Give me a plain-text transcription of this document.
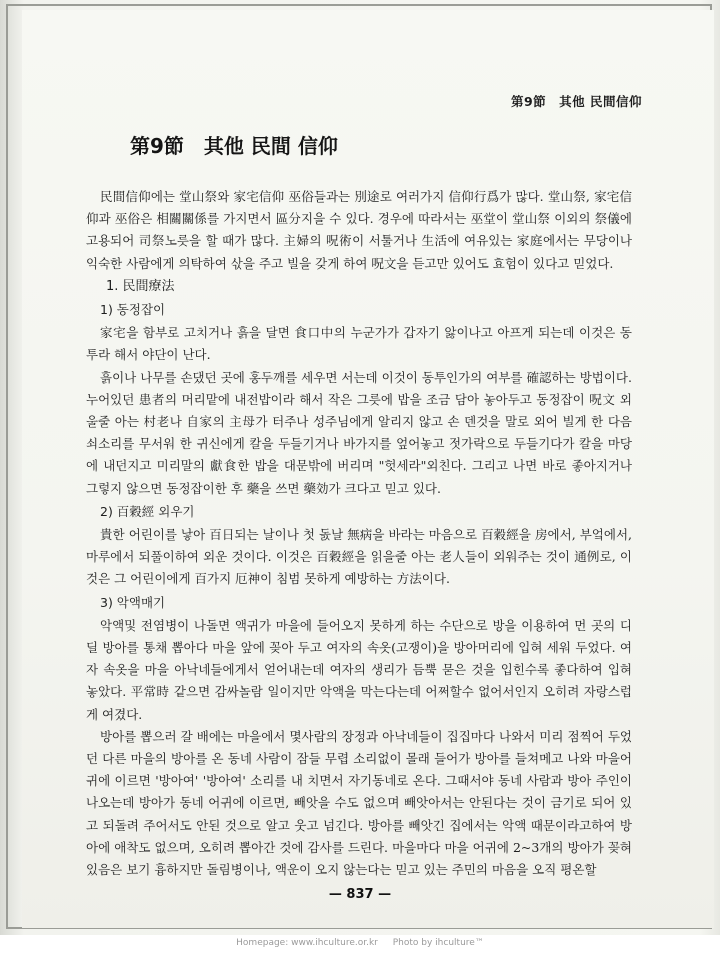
第9節　其他 民間信仰
第9節　其他 民間 信仰

民間信仰에는 堂山祭와 家宅信仰 巫俗들과는 別途로 여러가지 信仰行爲가 많다. 堂山祭, 家宅信仰과 巫俗은 相關關係를 가지면서 區分지을 수 있다. 경우에 따라서는 巫堂이 堂山祭 이외의 祭儀에 고용되어 司祭노릇을 할 때가 많다. 主婦의 呪術이 서툴거나 生活에 여유있는 家庭에서는 무당이나 익숙한 사람에게 의탁하여 삯을 주고 빌을 갖게 하여 呪文을 듣고만 있어도 효험이 있다고 믿었다.

1. 民間療法
1) 동정잡이

家宅을 함부로 고치거나 흙을 달면 食口中의 누군가가 갑자기 앓이나고 아프게 되는데 이것은 동투라 해서 야단이 난다.

흙이나 나무를 손댔던 곳에 홍두깨를 세우면 서는데 이것이 동투인가의 여부를 確認하는 방법이다. 누어있던 患者의 머리맡에 내전밥이라 해서 작은 그릇에 밥을 조금 담아 놓아두고 동정잡이 呪文 외울줄 아는 村老나 自家의 主母가 터주나 성주님에게 알리지 않고 손 덴것을 말로 외어 빌게 한 다음 쇠소리를 무서워 한 귀신에게 칼을 두들기거나 바가지를 엎어놓고 젓가락으로 두들기다가 칼을 마당에 내던지고 미리말의 獻食한 밥을 대문밖에 버리며 "헛세라"외친다. 그리고 나면 바로 좋아지거나 그렇지 않으면 동정잡이한 후 藥을 쓰면 藥効가 크다고 믿고 있다.

2) 百穀經 외우기

貴한 어린이를 낳아 百日되는 날이나 첫 돐날 無病을 바라는 마음으로 百穀經을 房에서, 부엌에서, 마루에서 되풀이하여 외운 것이다. 이것은 百穀經을 읽을줄 아는 老人들이 외워주는 것이 通例로, 이것은 그 어린이에게 百가지 厄神이 침범 못하게 예방하는 方法이다.

3) 악액매기

악액및 전염병이 나돌면 액귀가 마을에 들어오지 못하게 하는 수단으로 방을 이용하여 먼 곳의 디딜 방아를 통채 뽑아다 마을 앞에 꽂아 두고 여자의 속옷(고쟁이)을 방아머리에 입혀 세워 두었다. 여자 속옷을 마을 아낙네들에게서 얻어내는데 여자의 생리가 듬뿍 묻은 것을 입힌수록 좋다하여 입혀 놓았다. 平常時 같으면 감싸놀람 일이지만 악액을 막는다는데 어쩌할수 없어서인지 오히려 자랑스럽게 여겼다.

방아를 뽑으러 갈 배에는 마을에서 몇사람의 장정과 아낙네들이 집집마다 나와서 미리 점찍어 두었던 다른 마을의 방아를 온 동네 사람이 잠들 무렵 소리없이 몰래 들어가 방아를 들쳐메고 나와 마을어귀에 이르면 '방아여' '방아여' 소리를 내 치면서 자기동네로 온다. 그때서야 동네 사람과 방아 주인이 나오는데 방아가 동네 어귀에 이르면, 빼앗을 수도 없으며 빼앗아서는 안된다는 것이 금기로 되어 있고 되돌려 주어서도 안된 것으로 알고 웃고 넘긴다. 방아를 빼앗긴 집에서는 악액 때문이라고하여 방아에 애착도 없으며, 오히려 뽑아간 것에 감사를 드린다. 마을마다 마을 어귀에 2~3개의 방아가 꽂혀있음은 보기 흉하지만 돌림병이나, 액운이 오지 않는다는 믿고 있는 주민의 마음을 오직 평온할

— 837 —
Homepage: www.ihculture.or.kr Photo by ihculture™
